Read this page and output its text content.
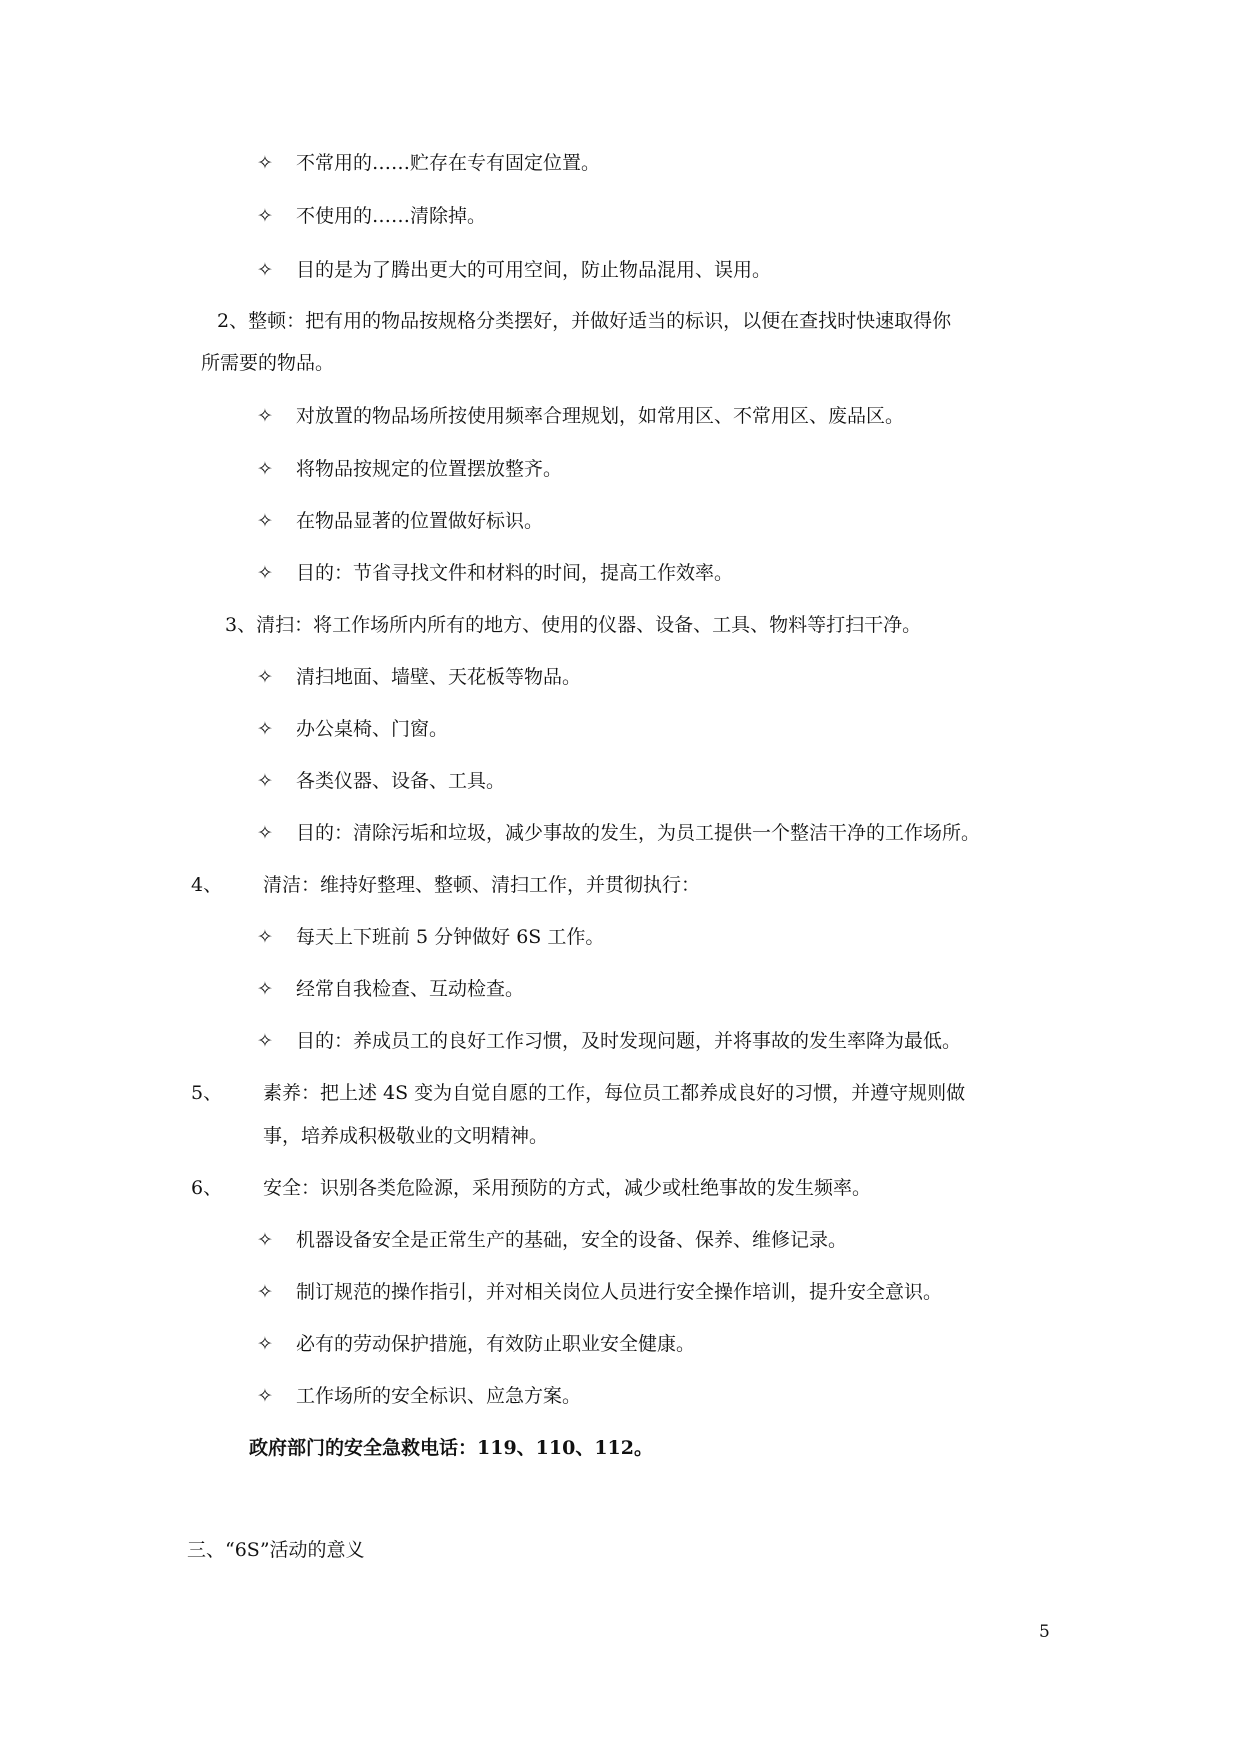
✧ 不常用的……贮存在专有固定位置。
✧ 不使用的……清除掉。
✧ 目的是为了腾出更大的可用空间，防止物品混用、误用。
2、整顿：把有用的物品按规格分类摆好，并做好适当的标识，以便在查找时快速取得你
所需要的物品。
✧ 对放置的物品场所按使用频率合理规划，如常用区、不常用区、废品区。
✧ 将物品按规定的位置摆放整齐。
✧ 在物品显著的位置做好标识。
✧ 目的：节省寻找文件和材料的时间，提高工作效率。
3、清扫：将工作场所内所有的地方、使用的仪器、设备、工具、物料等打扫干净。
✧ 清扫地面、墙壁、天花板等物品。
✧ 办公桌椅、门窗。
✧ 各类仪器、设备、工具。
✧ 目的：清除污垢和垃圾，减少事故的发生，为员工提供一个整洁干净的工作场所。
4、 清洁：维持好整理、整顿、清扫工作，并贯彻执行：
✧ 每天上下班前 5 分钟做好 6S 工作。
✧ 经常自我检查、互动检查。
✧ 目的：养成员工的良好工作习惯，及时发现问题，并将事故的发生率降为最低。
5、 素养：把上述 4S 变为自觉自愿的工作，每位员工都养成良好的习惯，并遵守规则做
事，培养成积极敬业的文明精神。
6、 安全：识别各类危险源，采用预防的方式，减少或杜绝事故的发生频率。
✧ 机器设备安全是正常生产的基础，安全的设备、保养、维修记录。
✧ 制订规范的操作指引，并对相关岗位人员进行安全操作培训，提升安全意识。
✧ 必有的劳动保护措施，有效防止职业安全健康。
✧ 工作场所的安全标识、应急方案。
政府部门的安全急救电话：119、110、112。
三、“6S”活动的意义
5
